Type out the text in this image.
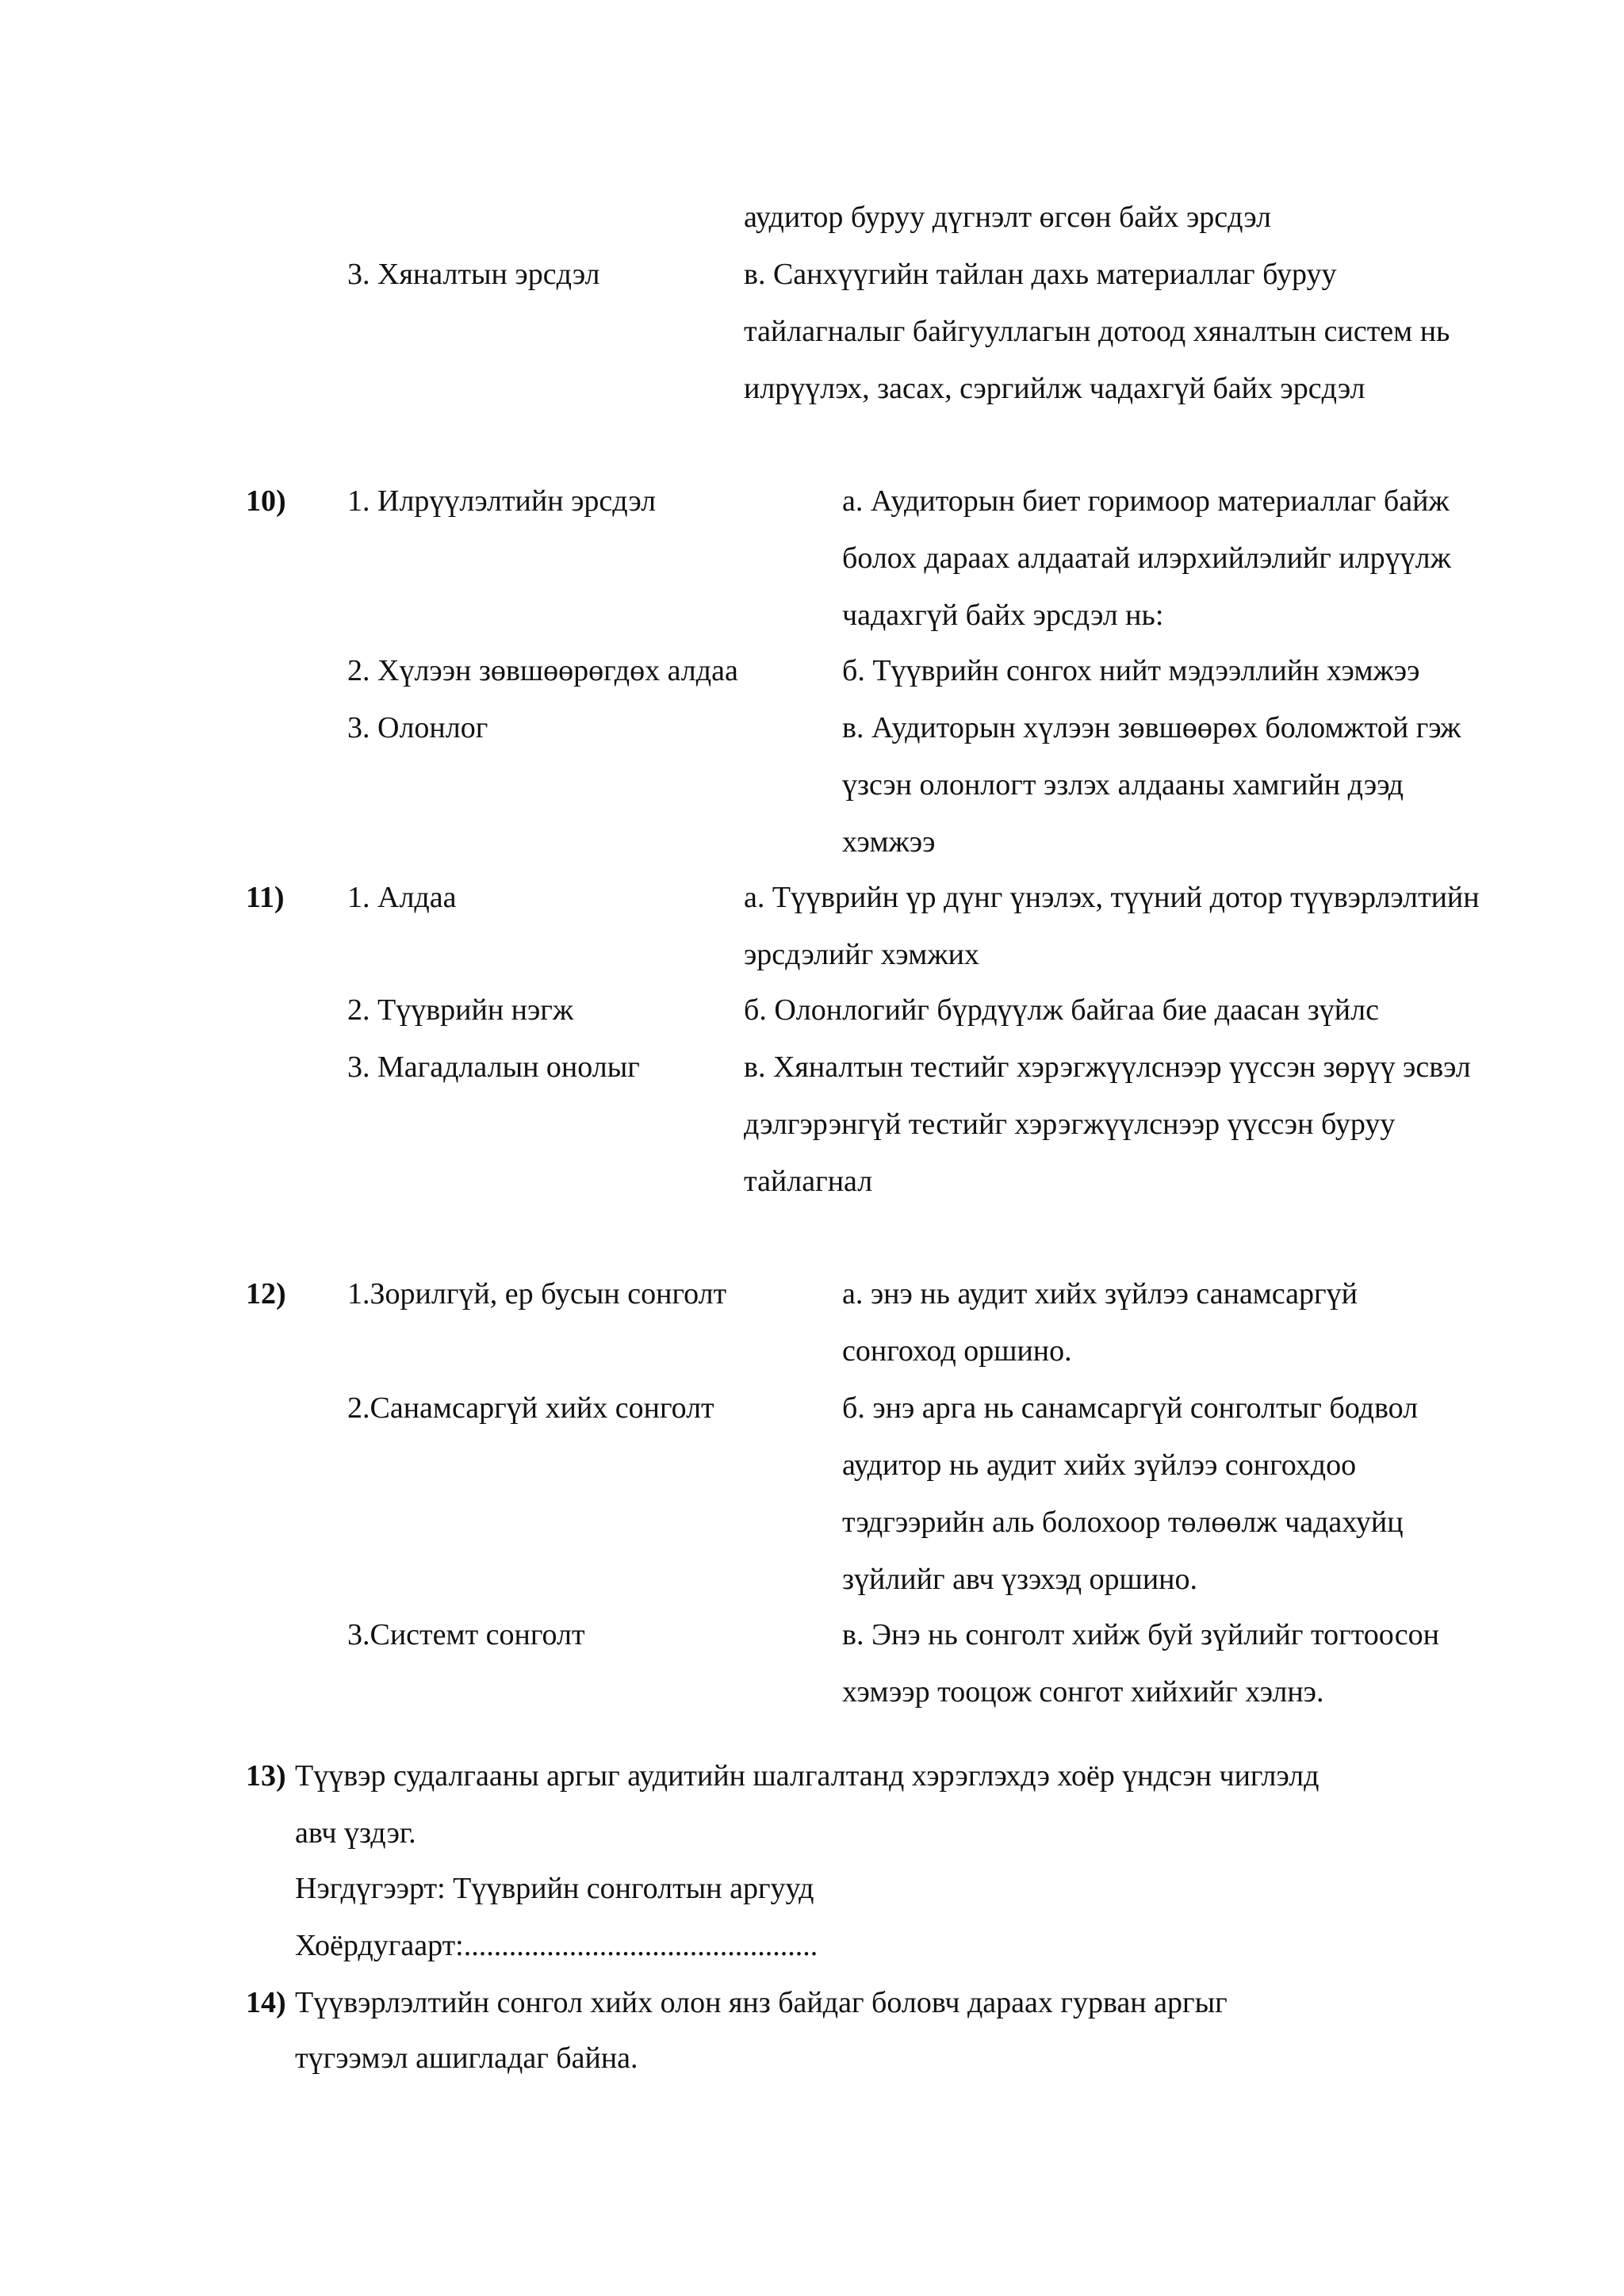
аудитор буруу дүгнэлт өгсөн байх эрсдэл
3. Хяналтын эрсдэл	в. Санхүүгийн тайлан дахь материаллаг буруу
тайлагналыг байгууллагын дотоод хяналтын систем нь
илрүүлэх, засах, сэргийлж чадахгүй байх эрсдэл
10) 1. Илрүүлэлтийн эрсдэл	а. Аудиторын биет горимоор материаллаг байж
болох дараах алдаатай илэрхийлэлийг илрүүлж
чадахгүй байх эрсдэл нь:
2. Хүлээн зөвшөөрөгдөх алдаа	б. Түүврийн сонгох нийт мэдээллийн хэмжээ
3. Олонлог	в. Аудиторын хүлээн зөвшөөрөх боломжтой гэж
үзсэн олонлогт эзлэх алдааны хамгийн дээд
хэмжээ
11) 1. Алдаа	а. Түүврийн үр дүнг үнэлэх, түүний дотор түүвэрлэлтийн
эрсдэлийг хэмжих
2. Түүврийн нэгж	б. Олонлогийг бүрдүүлж байгаа бие даасан зүйлс
3. Магадлалын онолыг	в. Хяналтын тестийг хэрэгжүүлснээр үүссэн зөрүү эсвэл
дэлгэрэнгүй тестийг хэрэгжүүлснээр үүссэн буруу
тайлагнал
12) 1.Зорилгүй, ер бусын сонголт	а. энэ нь аудит хийх зүйлээ санамсаргүй
сонгоход оршино.
2.Санамсаргүй хийх сонголт	б. энэ арга нь санамсаргүй сонголтыг бодвол
аудитор нь аудит хийх зүйлээ сонгохдоо
тэдгээрийн аль болохоор төлөөлж чадахуйц
зүйлийг авч үзэхэд оршино.
3.Системт сонголт	в. Энэ нь сонголт хийж буй зүйлийг тогтоосон
хэмээр тооцож сонгот хийхийг хэлнэ.
13) Түүвэр судалгааны аргыг аудитийн шалгалтанд хэрэглэхдэ хоёр үндсэн чиглэлд
авч үздэг.
Нэгдүгээрт: Түүврийн сонголтын аргууд
Хоёрдугаарт:...............................................
14) Түүвэрлэлтийн сонгол хийх олон янз байдаг боловч дараах гурван аргыг
түгээмэл ашигладаг байна.
